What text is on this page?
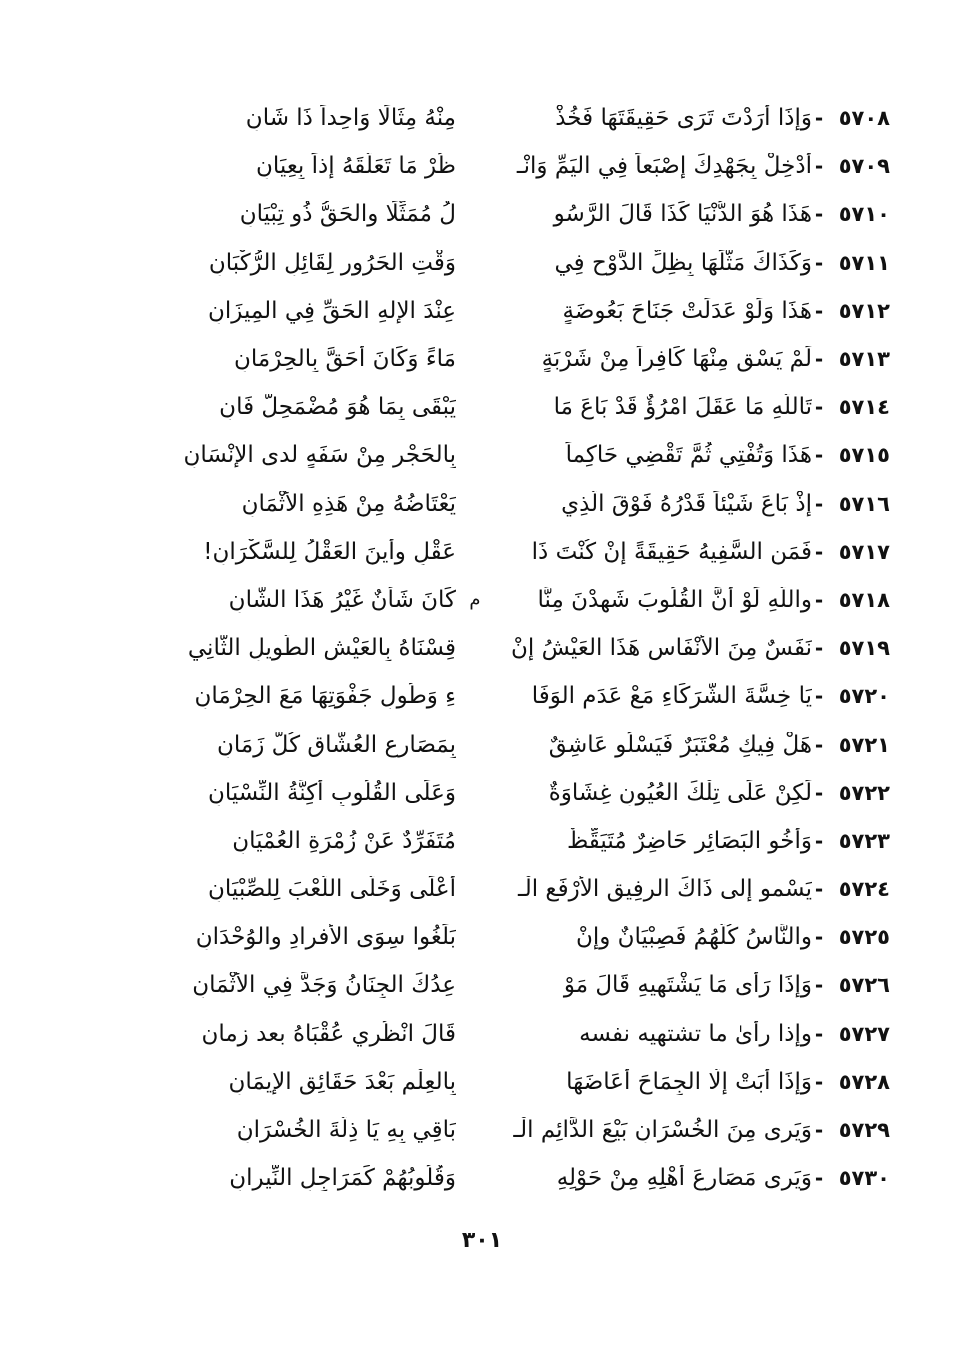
٥٧٠٨
-
وَإذَا أَرَدْتَ تَرَى حَقِيقَتَهَا فَخُذْ
مِنْهُ مِثَالًا وَاحِداً ذَا شَانِ
٥٧٠٩
-
أَدْخِلْ بِجَهْدِكَ إصْبَعاً فِي اليَمِّ وَانْـ
ظُرْ مَا تَعَلَّقَهُ إذاً بِعِيَانِ
٥٧١٠
-
هَذَا هُوَ الدُّنْيَا كَذَا قَالَ الرَّسُو
لُ مُمَثِّلًا والحَقُّ ذُو تِبْيَانِ
٥٧١١
-
وَكَذَاكَ مَثَّلَهَا بِظِلِّ الدَّوْحِ فِي
وَقْتِ الحَرُورِ لِقَائِلِ الرُّكْبَانِ
٥٧١٢
-
هَذَا وَلَوْ عَدَلَتْ جَنَاحَ بَعُوضَةٍ
عِنْدَ الإلهِ الحَقِّ فِي المِيزَانِ
٥٧١٣
-
لَمْ يَسْقِ مِنْهَا كَافِراً مِنْ شَرْبَةٍ
مَاءً وَكَانَ أَحَقَّ بِالحِرْمَانِ
٥٧١٤
-
تَاللَّهِ مَا عَقَلَ امْرُؤٌ قَدْ بَاعَ مَا
يَبْقَى بِمَا هُوَ مُضْمَحِلٌّ فَانِ
٥٧١٥
-
هَذَا وَتُفْتِي ثُمَّ تَقْضِي حَاكِماً
بِالحَجْرِ مِنْ سَفَهٍ لدى الإنْسَانِ
٥٧١٦
-
إذْ بَاعَ شَيْئاً قَدْرُهُ فَوْقَ الَّذِي
يَعْتَاضُهُ مِنْ هَذِهِ الأَثْمَانِ
٥٧١٧
-
فَمَنِ السَّفِيهُ حَقِيقَةً إنْ كُنْتَ ذَا
عَقْلٍ وأينَ العَقْلُ لِلسَّكْرَانِ!
٥٧١٨
-
واللَّهِ لَوْ أَنَّ القُلُوبَ شَهِدْنَ مِنَّا
م
كَانَ شَأْنٌ غَيْرُ هَذَا الشَّانِ
٥٧١٩
-
نَفَسٌ مِنَ الأَنْفَاسِ هَذَا العَيْشُ إنْ
قِسْنَاهُ بِالعَيْشِ الطَّوِيلِ الثَّانِي
٥٧٢٠
-
يَا خِسَّةَ الشُّرَكَاءِ مَعْ عَدَمِ الوَفَا
ءِ وَطُولِ جَفْوَتِهَا مَعَ الحِرْمَانِ
٥٧٢١
-
هَلْ فِيكِ مُعْتَبَرٌ فَيَسْلُو عَاشِقٌ
بِمَصَارِعِ العُشَّاقِ كُلَّ زَمَانِ
٥٧٢٢
-
لَكِنْ عَلَى تِلْكَ العُيُونِ غِشَاوَةٌ
وَعَلَى القُلُوبِ أَكِنَّةُ النِّسْيَانِ
٥٧٢٣
-
وَأَخُو البَصَائِرِ حَاضِرٌ مُتَيَقِّظٌ
مُتَفَرِّدٌ عَنْ زُمْرَةِ العُمْيَانِ
٥٧٢٤
-
يَسْمو إلى ذَاكَ الرفِيقِ الأرْفَعِ الْـ
أَعْلَى وَخَلَّى اللَّعْبَ لِلصِّبْيَانِ
٥٧٢٥
-
والنَّاسُ كُلُّهُمُ فَصِبْيَانٌ وإنْ
بَلَغُوا سِوَى الأفرادِ والوُحْدَانِ
٥٧٢٦
-
وَإذَا رَأَى مَا يَشْتَهِيهِ قَالَ مَوْ
عِدُكَ الجِنَانُ وَجَدَّ فِي الأثْمَانِ
٥٧٢٧
-
وإذا رأىٰ ما تشتهيه نفسه
قَالَ انْظُرِي عُقْبَاهُ بعد زمان
٥٧٢٨
-
وَإذَا أَبَتْ إلَّا الجِمَاحَ أَعَاضَهَا
بِالعِلْمِ بَعْدَ حَقَائِقِ الإيمَانِ
٥٧٢٩
-
وَيَرى مِنَ الخُسْرَانِ بَيْعَ الدَّائِمِ الْـ
بَاقِي بِهِ يَا ذِلَّةَ الخُسْرَانِ
٥٧٣٠
-
وَيَرى مَصَارِعَ أَهْلِهِ مِنْ حَوْلِهِ
وَقُلُوبُهُمْ كَمَرَاجِلِ النِّيرانِ
٣٠١
